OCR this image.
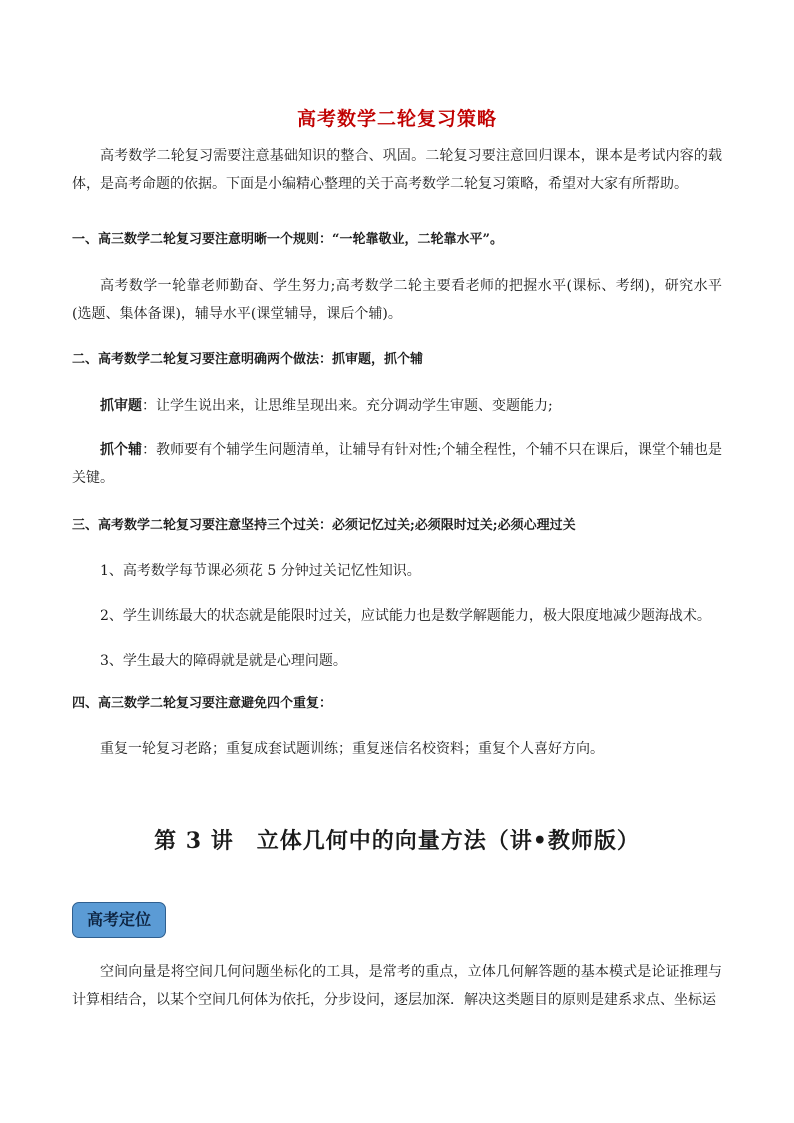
高考数学二轮复习策略

高考数学二轮复习需要注意基础知识的整合、巩固。二轮复习要注意回归课本，课本是考试内容的载体，是高考命题的依据。下面是小编精心整理的关于高考数学二轮复习策略，希望对大家有所帮助。

一、高三数学二轮复习要注意明晰一个规则：“一轮靠敬业，二轮靠水平”。

高考数学一轮靠老师勤奋、学生努力;高考数学二轮主要看老师的把握水平(课标、考纲)，研究水平(选题、集体备课)，辅导水平(课堂辅导，课后个辅)。

二、高考数学二轮复习要注意明确两个做法：抓审题，抓个辅

抓审题：让学生说出来，让思维呈现出来。充分调动学生审题、变题能力;

抓个辅：教师要有个辅学生问题清单，让辅导有针对性;个辅全程性，个辅不只在课后，课堂个辅也是关键。

三、高考数学二轮复习要注意坚持三个过关：必须记忆过关;必须限时过关;必须心理过关
1、高考数学每节课必须花 5 分钟过关记忆性知识。
2、学生训练最大的状态就是能限时过关，应试能力也是数学解题能力，极大限度地减少题海战术。
3、学生最大的障碍就是就是心理问题。
四、高三数学二轮复习要注意避免四个重复：
重复一轮复习老路；重复成套试题训练；重复迷信名校资料；重复个人喜好方向。
第 3 讲　立体几何中的向量方法（讲•教师版）
高考定位

空间向量是将空间几何问题坐标化的工具，是常考的重点，立体几何解答题的基本模式是论证推理与计算相结合，以某个空间几何体为依托，分步设问，逐层加深．解决这类题目的原则是建系求点、坐标运
